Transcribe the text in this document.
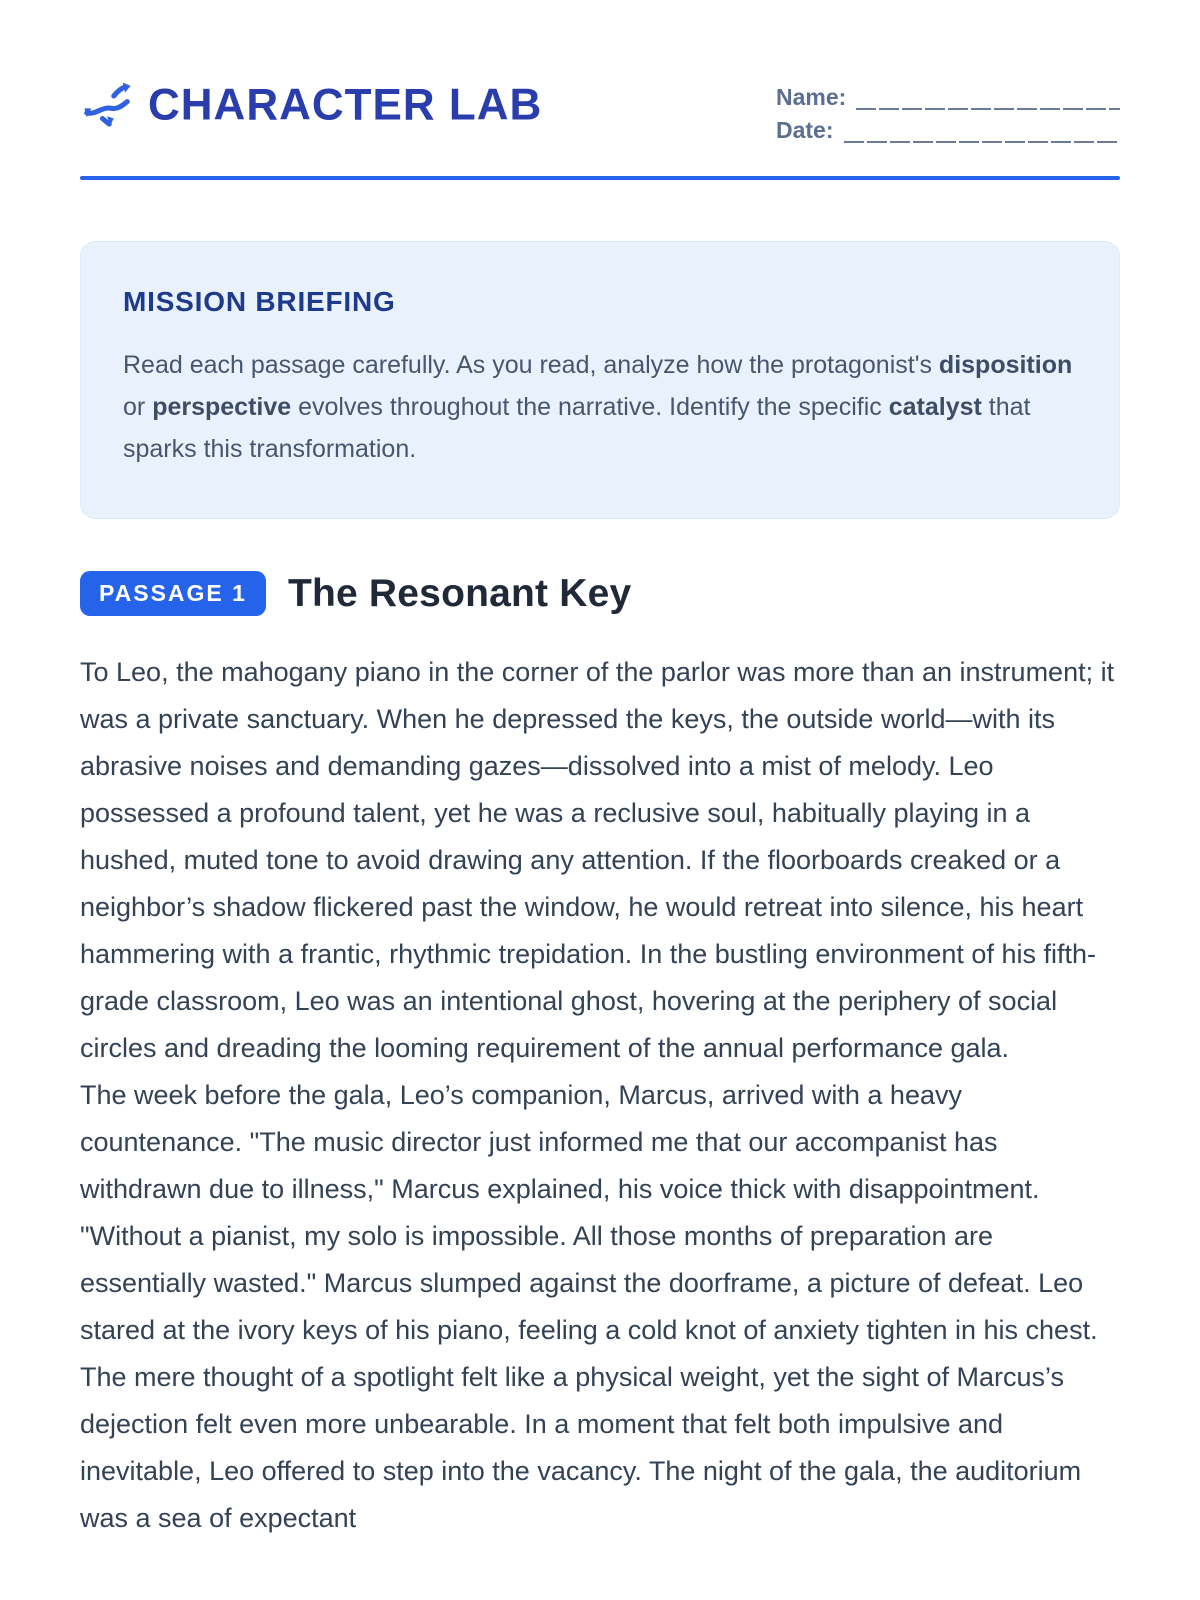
CHARACTER LAB	Name:
Date:
MISSION BRIEFING

Read each passage carefully. As you read, analyze how the protagonist's disposition or perspective evolves throughout the narrative. Identify the specific catalyst that sparks this transformation.

PASSAGE 1	The Resonant Key

To Leo, the mahogany piano in the corner of the parlor was more than an instrument; it was a private sanctuary. When he depressed the keys, the outside world—with its abrasive noises and demanding gazes—dissolved into a mist of melody. Leo possessed a profound talent, yet he was a reclusive soul, habitually playing in a hushed, muted tone to avoid drawing any attention. If the floorboards creaked or a neighbor’s shadow flickered past the window, he would retreat into silence, his heart hammering with a frantic, rhythmic trepidation. In the bustling environment of his fifth-grade classroom, Leo was an intentional ghost, hovering at the periphery of social circles and dreading the looming requirement of the annual performance gala.

The week before the gala, Leo’s companion, Marcus, arrived with a heavy countenance. "The music director just informed me that our accompanist has withdrawn due to illness," Marcus explained, his voice thick with disappointment. "Without a pianist, my solo is impossible. All those months of preparation are essentially wasted." Marcus slumped against the doorframe, a picture of defeat. Leo stared at the ivory keys of his piano, feeling a cold knot of anxiety tighten in his chest. The mere thought of a spotlight felt like a physical weight, yet the sight of Marcus’s dejection felt even more unbearable. In a moment that felt both impulsive and inevitable, Leo offered to step into the vacancy. The night of the gala, the auditorium was a sea of expectant
